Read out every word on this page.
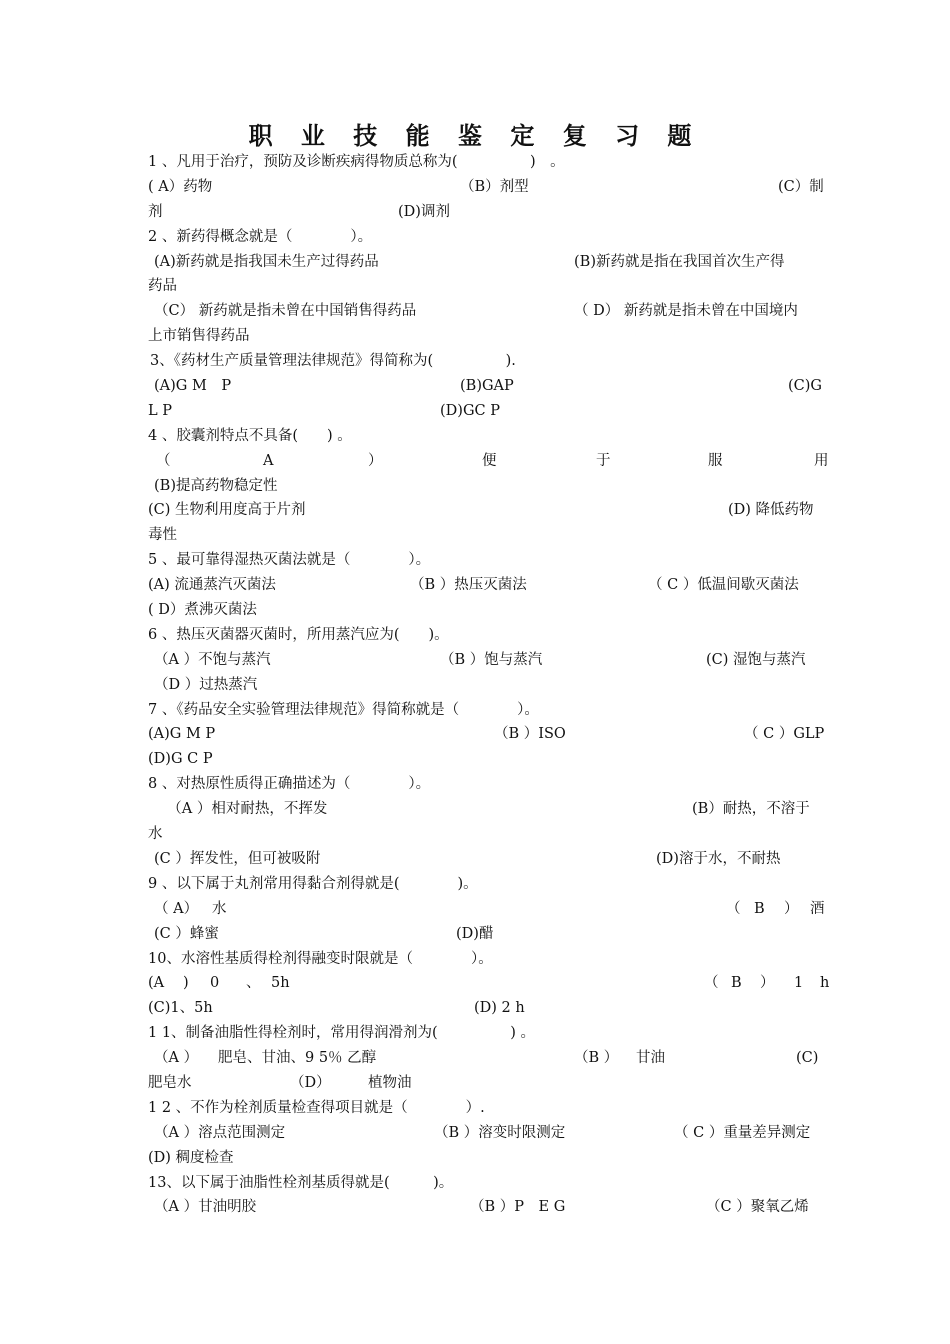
职 业 技 能 鉴 定 复 习 题
1 、凡用于治疗，预防及诊断疾病得物质总称为(　　　　　)　。
( A）药物	（B）剂型	(C）制
剂	(D)调剂
2 、新药得概念就是（　　　　）。
(A)新药就是指我国未生产过得药品	(B)新药就是指在我国首次生产得
药品
（C） 新药就是指未曾在中国销售得药品	（ D） 新药就是指未曾在中国境内
上市销售得药品
3、《药材生产质量管理法律规范》得简称为(　　　　　).
(A)G M　P	(B)GAP	(C)G
L P	(D)GC P
4 、胶囊剂特点不具备(　　) 。
（	A	）	便	于	服	用
(B)提高药物稳定性
(C) 生物利用度高于片剂	(D) 降低药物
毒性
5 、最可靠得湿热灭菌法就是（　　　　）。
(A) 流通蒸汽灭菌法	（B ）热压灭菌法	（ C ）低温间歇灭菌法
( D）煮沸灭菌法
6 、热压灭菌器灭菌时，所用蒸汽应为(　　)。
（A ）不饱与蒸汽	（B ）饱与蒸汽	(C) 湿饱与蒸汽
（D ）过热蒸汽
7 、《药品安全实验管理法律规范》得简称就是（　　　　）。
(A)G M P	（B ）ISO	（ C ）GLP
(D)G C P
8 、对热原性质得正确描述为（　　　　）。
　（A ）相对耐热，不挥发	(B）耐热，不溶于
水
(C ）挥发性，但可被吸附	(D)溶于水，不耐热
9 、以下属于丸剂常用得黏合剂得就是(　　　　)。
（ A） 水	（ B ） 酒
(C ）蜂蜜	(D)醋
10、水溶性基质得栓剂得融变时限就是（　　　　）。
(A ) 0 、 5h	（ B ） 1 h
(C)1、5h	(D) 2 h
1 1、制备油脂性得栓剂时，常用得润滑剂为(　　　　　) 。
（A ） 肥皂、甘油、9 5％ 乙醇	（B ） 甘油	(C)
肥皂水	（D）	植物油
1 2 、不作为栓剂质量检查得项目就是（　　　　）.
（A ）溶点范围测定	（B ）溶变时限测定	（ C ）重量差异测定
(D) 稠度检查
13、以下属于油脂性栓剂基质得就是(　　　)。
（A ）甘油明胶	（B ）P　E G	（C ）聚氧乙烯
